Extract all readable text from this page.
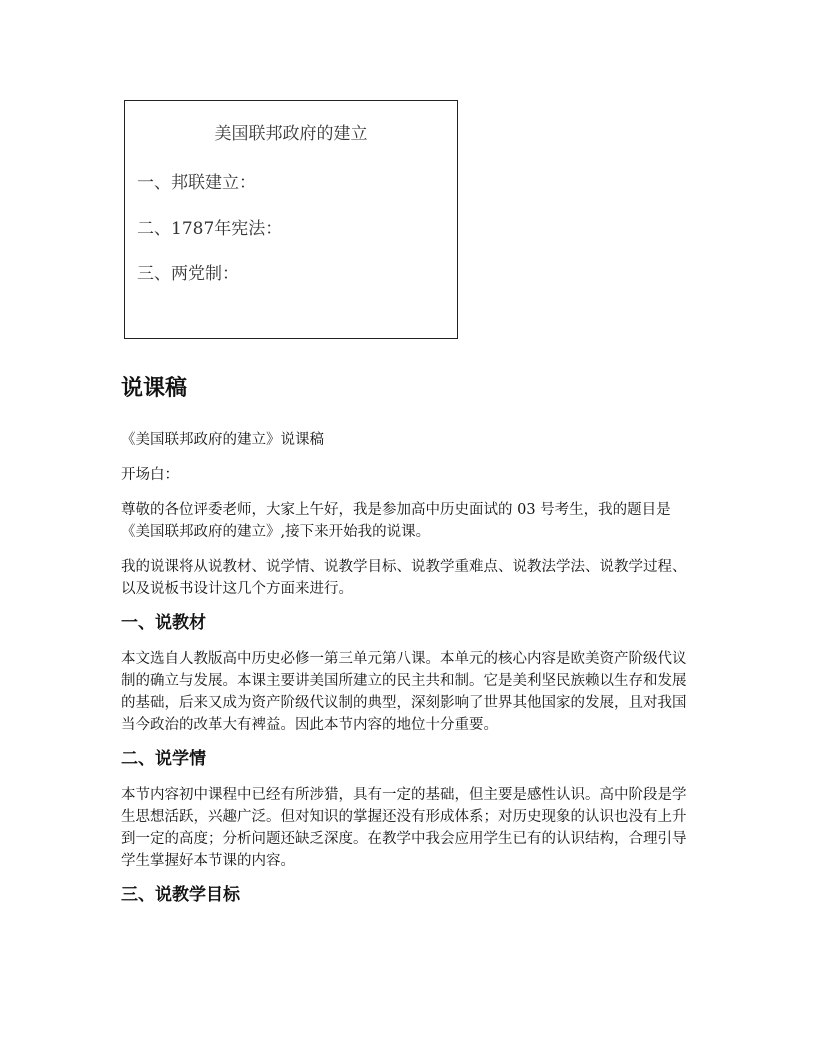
美国联邦政府的建立
一、邦联建立：
二、1787年宪法：
三、两党制：
说课稿

《美国联邦政府的建立》说课稿

开场白：

尊敬的各位评委老师，大家上午好，我是参加高中历史面试的 03 号考生，我的题目是《美国联邦政府的建立》,接下来开始我的说课。

我的说课将从说教材、说学情、说教学目标、说教学重难点、说教法学法、说教学过程、以及说板书设计这几个方面来进行。

一、说教材

本文选自人教版高中历史必修一第三单元第八课。本单元的核心内容是欧美资产阶级代议制的确立与发展。本课主要讲美国所建立的民主共和制。它是美利坚民族赖以生存和发展的基础，后来又成为资产阶级代议制的典型，深刻影响了世界其他国家的发展，且对我国当今政治的改革大有裨益。因此本节内容的地位十分重要。

二、说学情

本节内容初中课程中已经有所涉猎，具有一定的基础，但主要是感性认识。高中阶段是学生思想活跃，兴趣广泛。但对知识的掌握还没有形成体系；对历史现象的认识也没有上升到一定的高度；分析问题还缺乏深度。在教学中我会应用学生已有的认识结构，合理引导学生掌握好本节课的内容。

三、说教学目标
